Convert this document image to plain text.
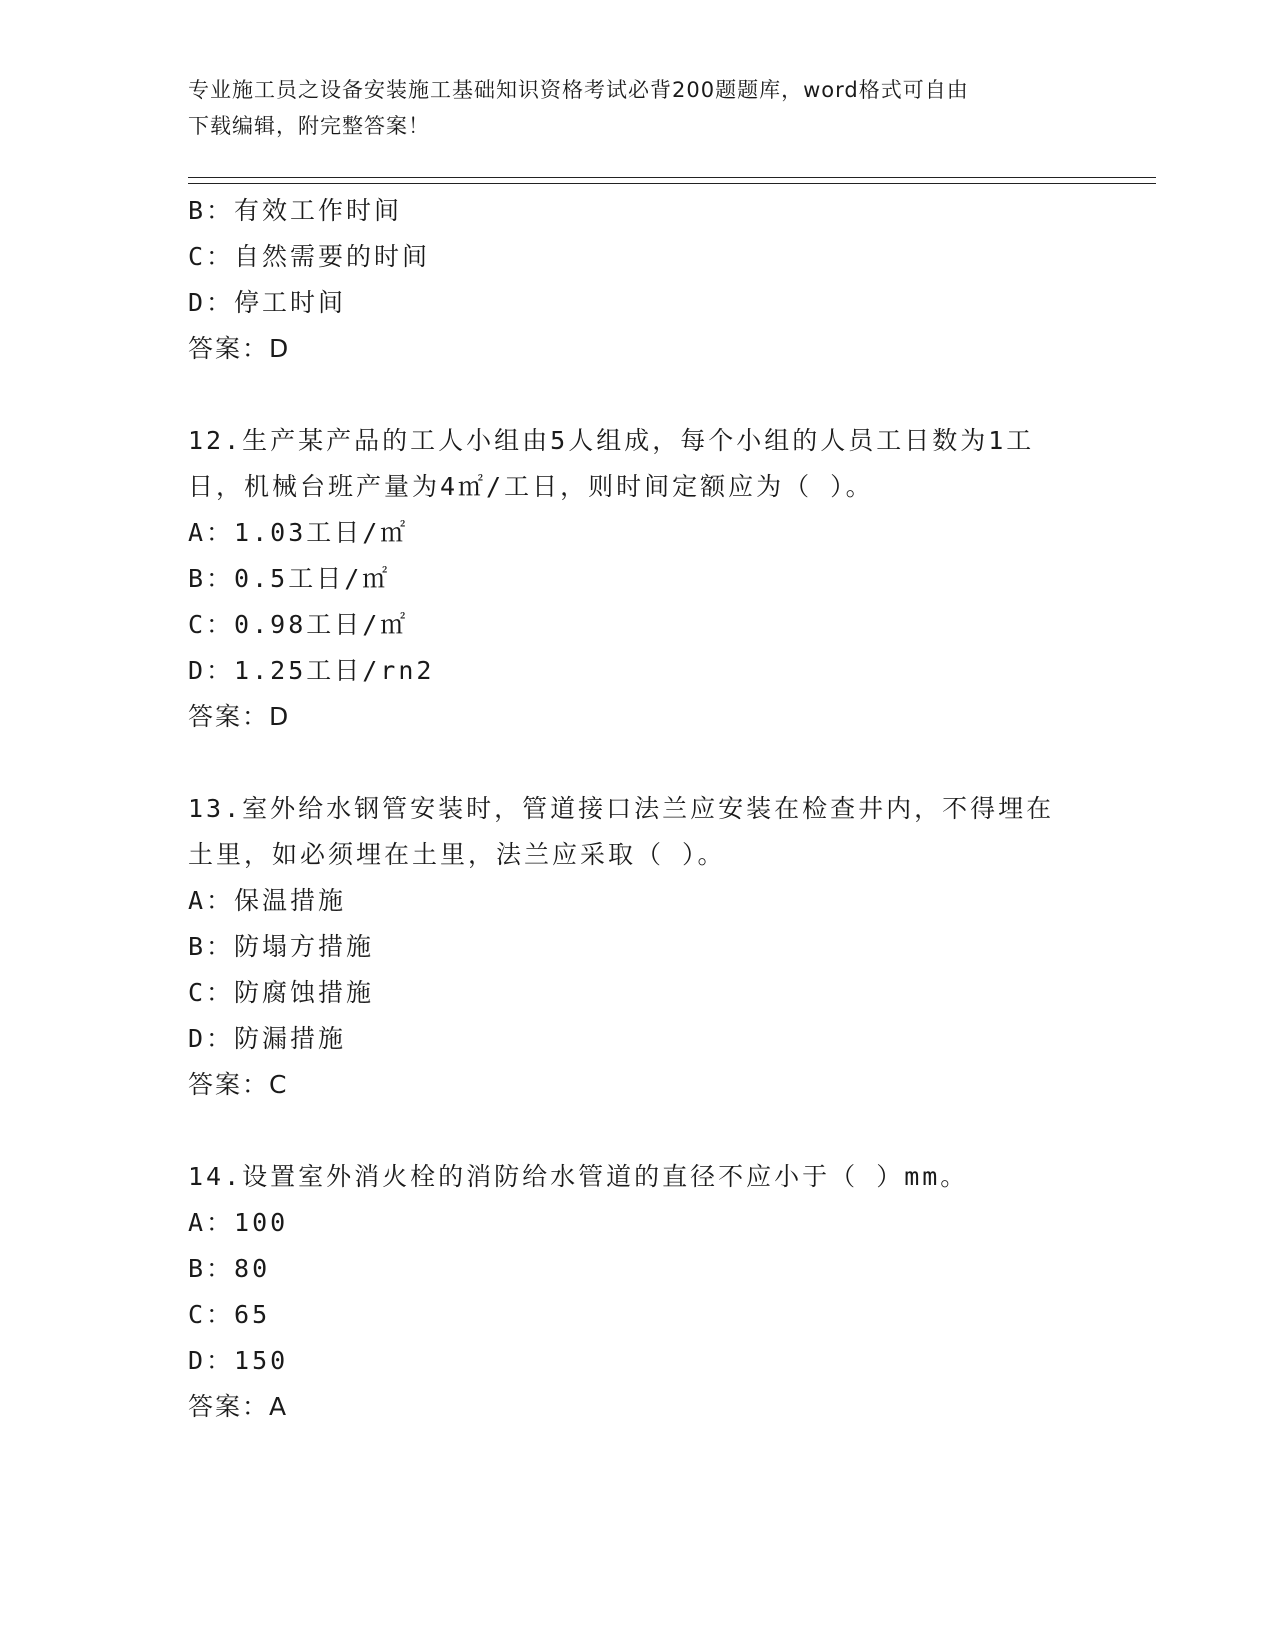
专业施工员之设备安装施工基础知识资格考试必背200题题库，word格式可自由
下载编辑，附完整答案！
B：有效工作时间
C：自然需要的时间
D：停工时间
答案：D
12.生产某产品的工人小组由5人组成，每个小组的人员工日数为1工
日，机械台班产量为4㎡/工日，则时间定额应为（ ）。
A：1.03工日/㎡
B：0.5工日/㎡
C：0.98工日/㎡
D：1.25工日/rn2
答案：D
13.室外给水钢管安装时，管道接口法兰应安装在检查井内，不得埋在
土里，如必须埋在土里，法兰应采取（ ）。
A：保温措施
B：防塌方措施
C：防腐蚀措施
D：防漏措施
答案：C
14.设置室外消火栓的消防给水管道的直径不应小于（ ）mm。
A：100
B：80
C：65
D：150
答案：A
